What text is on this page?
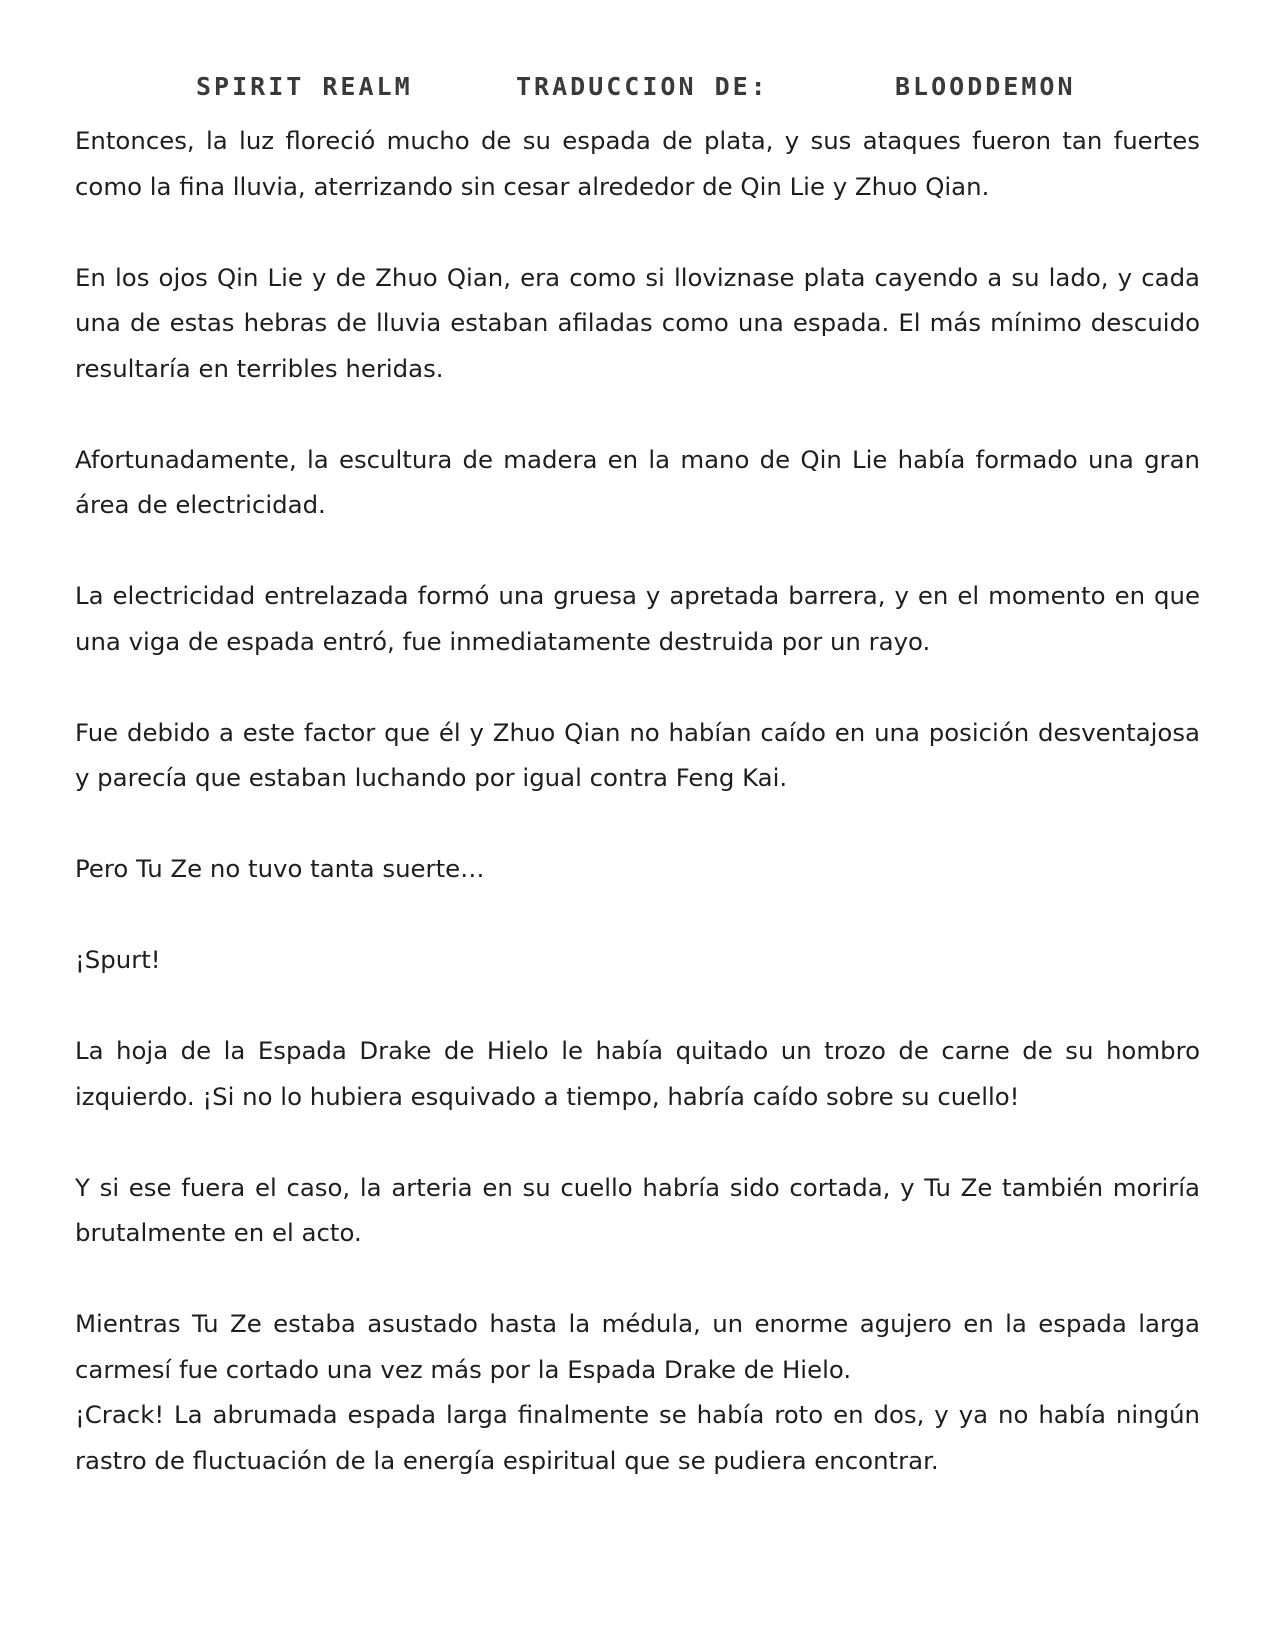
SPIRIT REALM	TRADUCCION DE:	BLOODDEMON

Entonces, la luz floreció mucho de su espada de plata, y sus ataques fueron tan fuertes como la fina lluvia, aterrizando sin cesar alrededor de Qin Lie y Zhuo Qian.

En los ojos Qin Lie y de Zhuo Qian, era como si lloviznase plata cayendo a su lado, y cada una de estas hebras de lluvia estaban afiladas como una espada. El más mínimo descuido resultaría en terribles heridas.

Afortunadamente, la escultura de madera en la mano de Qin Lie había formado una gran área de electricidad.

La electricidad entrelazada formó una gruesa y apretada barrera, y en el momento en que una viga de espada entró, fue inmediatamente destruida por un rayo.

Fue debido a este factor que él y Zhuo Qian no habían caído en una posición desventajosa y parecía que estaban luchando por igual contra Feng Kai.

Pero Tu Ze no tuvo tanta suerte…

¡Spurt!

La hoja de la Espada Drake de Hielo le había quitado un trozo de carne de su hombro izquierdo. ¡Si no lo hubiera esquivado a tiempo, habría caído sobre su cuello!

Y si ese fuera el caso, la arteria en su cuello habría sido cortada, y Tu Ze también moriría brutalmente en el acto.

Mientras Tu Ze estaba asustado hasta la médula, un enorme agujero en la espada larga carmesí fue cortado una vez más por la Espada Drake de Hielo.

¡Crack! La abrumada espada larga finalmente se había roto en dos, y ya no había ningún rastro de fluctuación de la energía espiritual que se pudiera encontrar.
